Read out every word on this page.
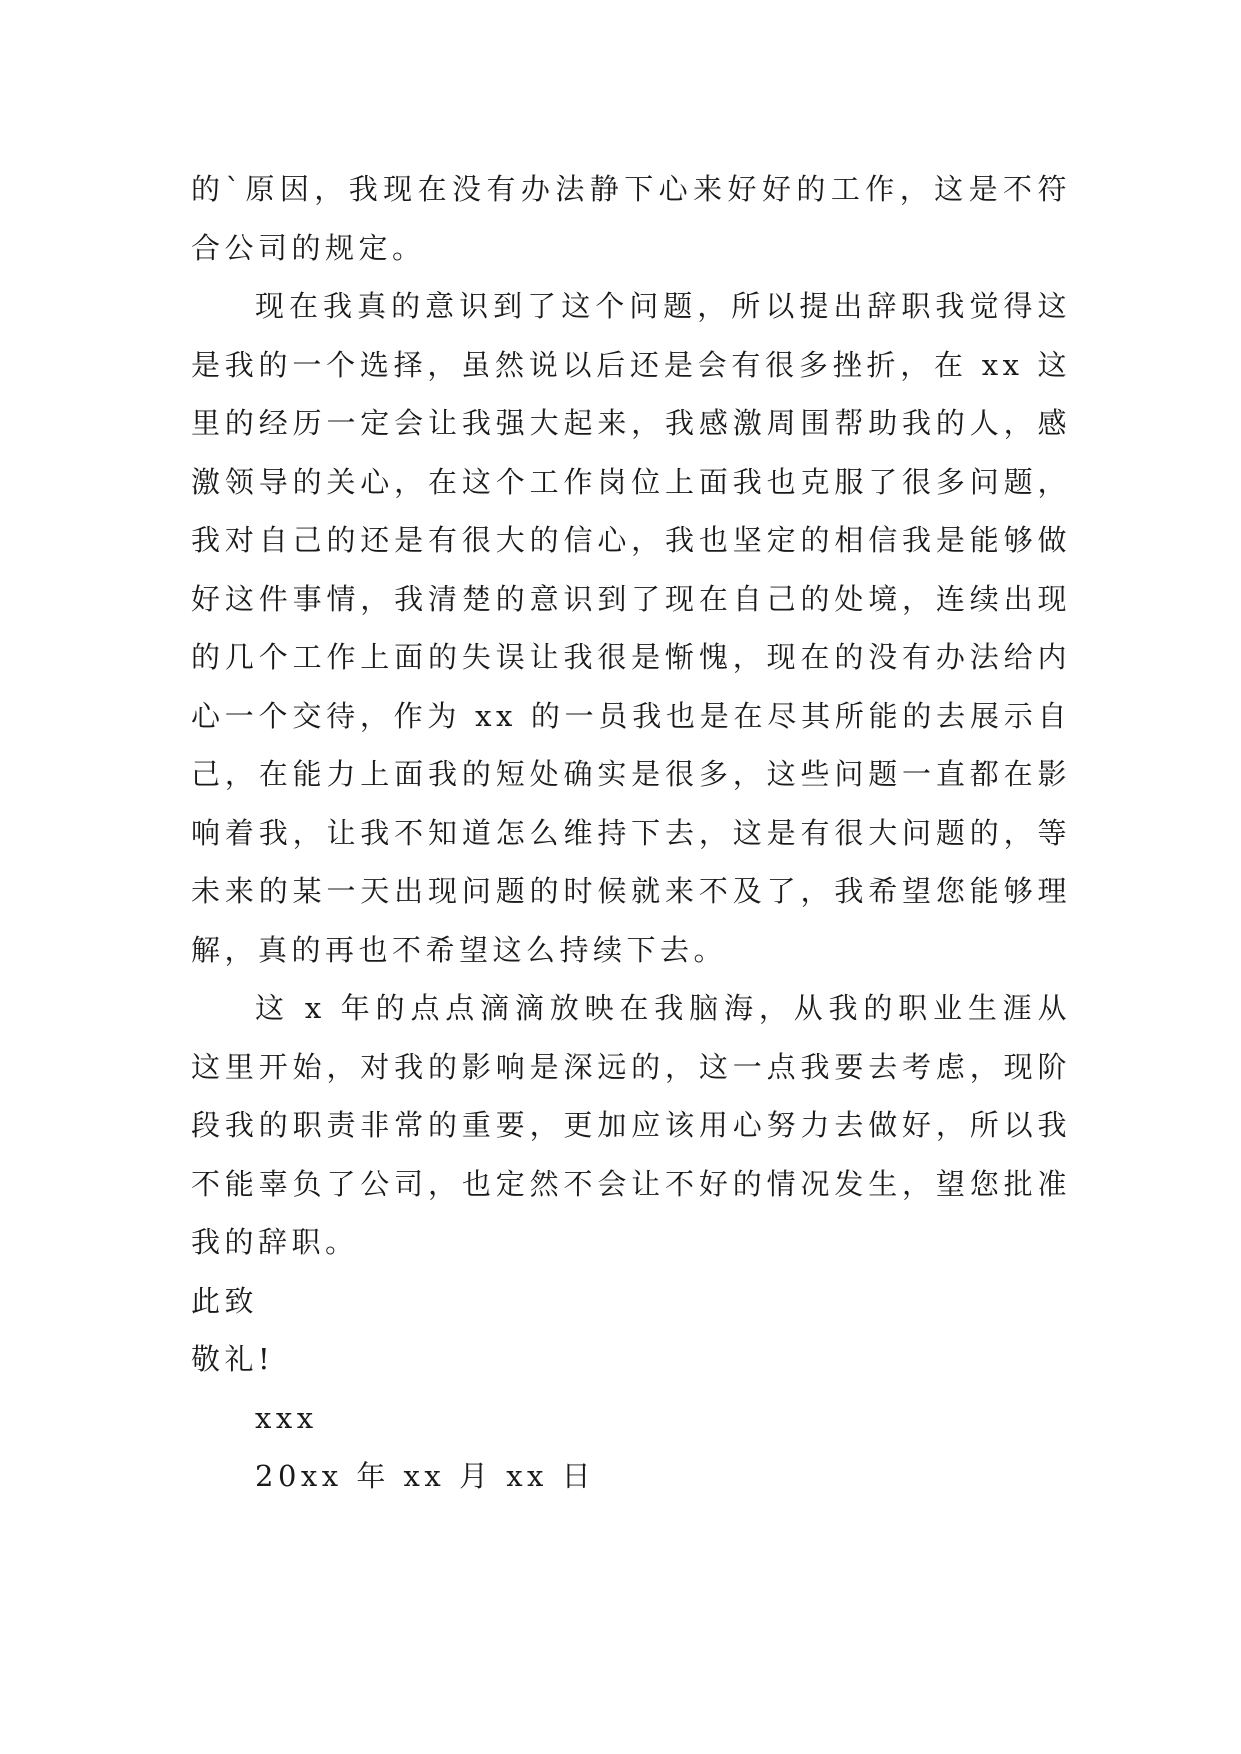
的`原因，我现在没有办法静下心来好好的工作，这是不符合公司的规定。

现在我真的意识到了这个问题，所以提出辞职我觉得这是我的一个选择，虽然说以后还是会有很多挫折，在 xx 这里的经历一定会让我强大起来，我感激周围帮助我的人，感激领导的关心，在这个工作岗位上面我也克服了很多问题，我对自己的还是有很大的信心，我也坚定的相信我是能够做好这件事情，我清楚的意识到了现在自己的处境，连续出现的几个工作上面的失误让我很是惭愧，现在的没有办法给内心一个交待，作为 xx 的一员我也是在尽其所能的去展示自己，在能力上面我的短处确实是很多，这些问题一直都在影响着我，让我不知道怎么维持下去，这是有很大问题的，等未来的某一天出现问题的时候就来不及了，我希望您能够理解，真的再也不希望这么持续下去。

这 x 年的点点滴滴放映在我脑海，从我的职业生涯从这里开始，对我的影响是深远的，这一点我要去考虑，现阶段我的职责非常的重要，更加应该用心努力去做好，所以我不能辜负了公司，也定然不会让不好的情况发生，望您批准我的辞职。

此致

敬礼!

xxx

20xx 年 xx 月 xx 日
